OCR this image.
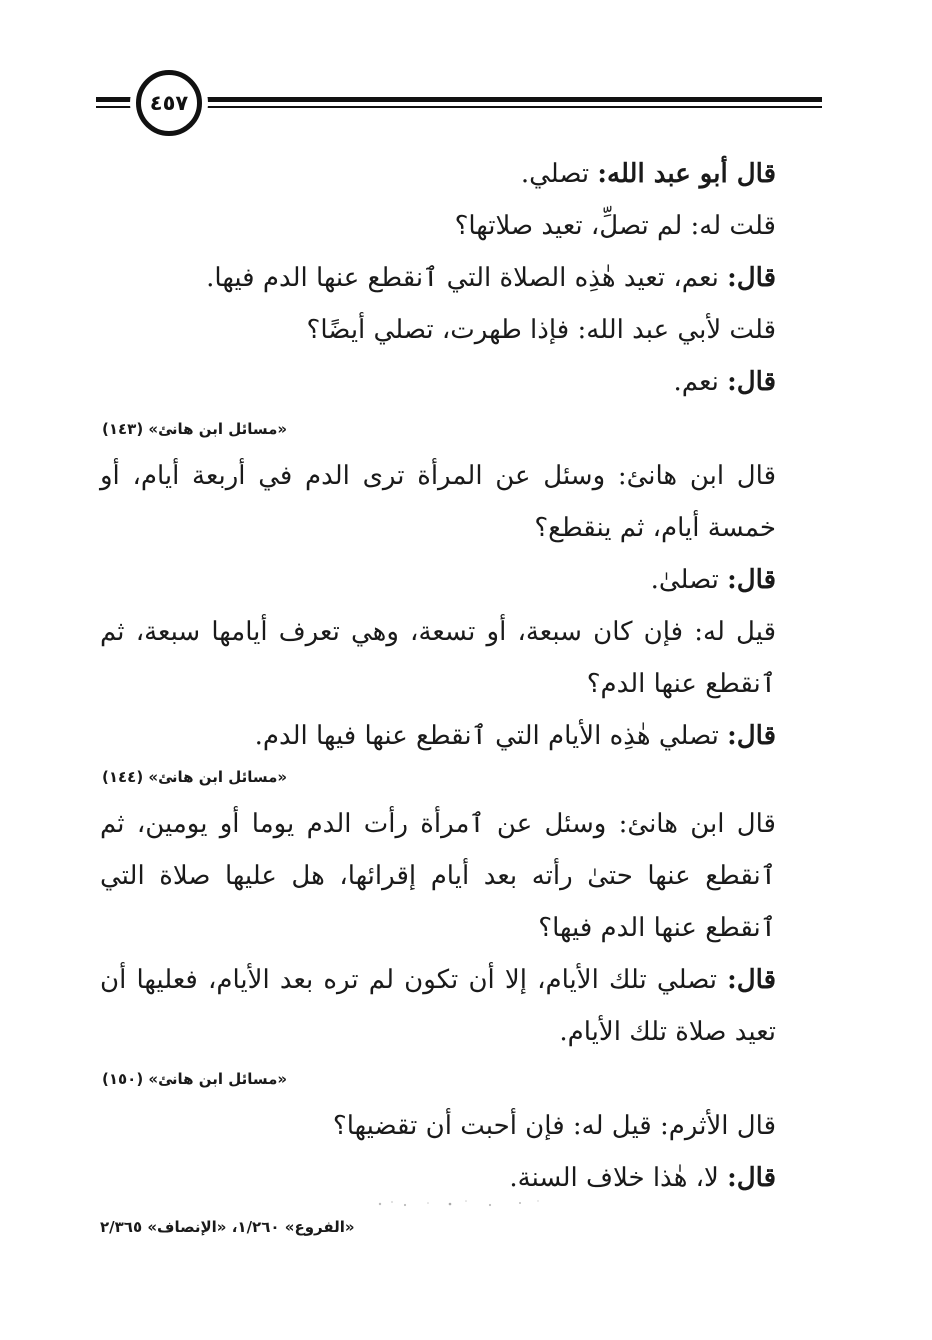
٤٥٧
قال أبو عبد الله: تصلي.
قلت له: لم تصلِّ، تعيد صلاتها؟
قال: نعم، تعيد هٰذِه الصلاة التي ٱنقطع عنها الدم فيها.
قلت لأبي عبد الله: فإذا طهرت، تصلي أيضًا؟
قال: نعم.
«مسائل ابن هانئ» (١٤٣)
قال ابن هانئ: وسئل عن المرأة ترى الدم في أربعة أيام، أو خمسة أيام، ثم ينقطع؟
قال: تصلىٰ.
قيل له: فإن كان سبعة، أو تسعة، وهي تعرف أيامها سبعة، ثم ٱنقطع عنها الدم؟
قال: تصلي هٰذِه الأيام التي ٱنقطع عنها فيها الدم.
«مسائل ابن هانئ» (١٤٤)
قال ابن هانئ: وسئل عن ٱمرأة رأت الدم يوما أو يومين، ثم ٱنقطع عنها حتىٰ رأته بعد أيام إقرائها، هل عليها صلاة التي ٱنقطع عنها الدم فيها؟
قال: تصلي تلك الأيام، إلا أن تكون لم تره بعد الأيام، فعليها أن تعيد صلاة تلك الأيام.
«مسائل ابن هانئ» (١٥٠)
قال الأثرم: قيل له: فإن أحبت أن تقضيها؟
قال: لا، هٰذا خلاف السنة.
«الفروع» ١/٢٦٠، «الإنصاف» ٢/٣٦٥
